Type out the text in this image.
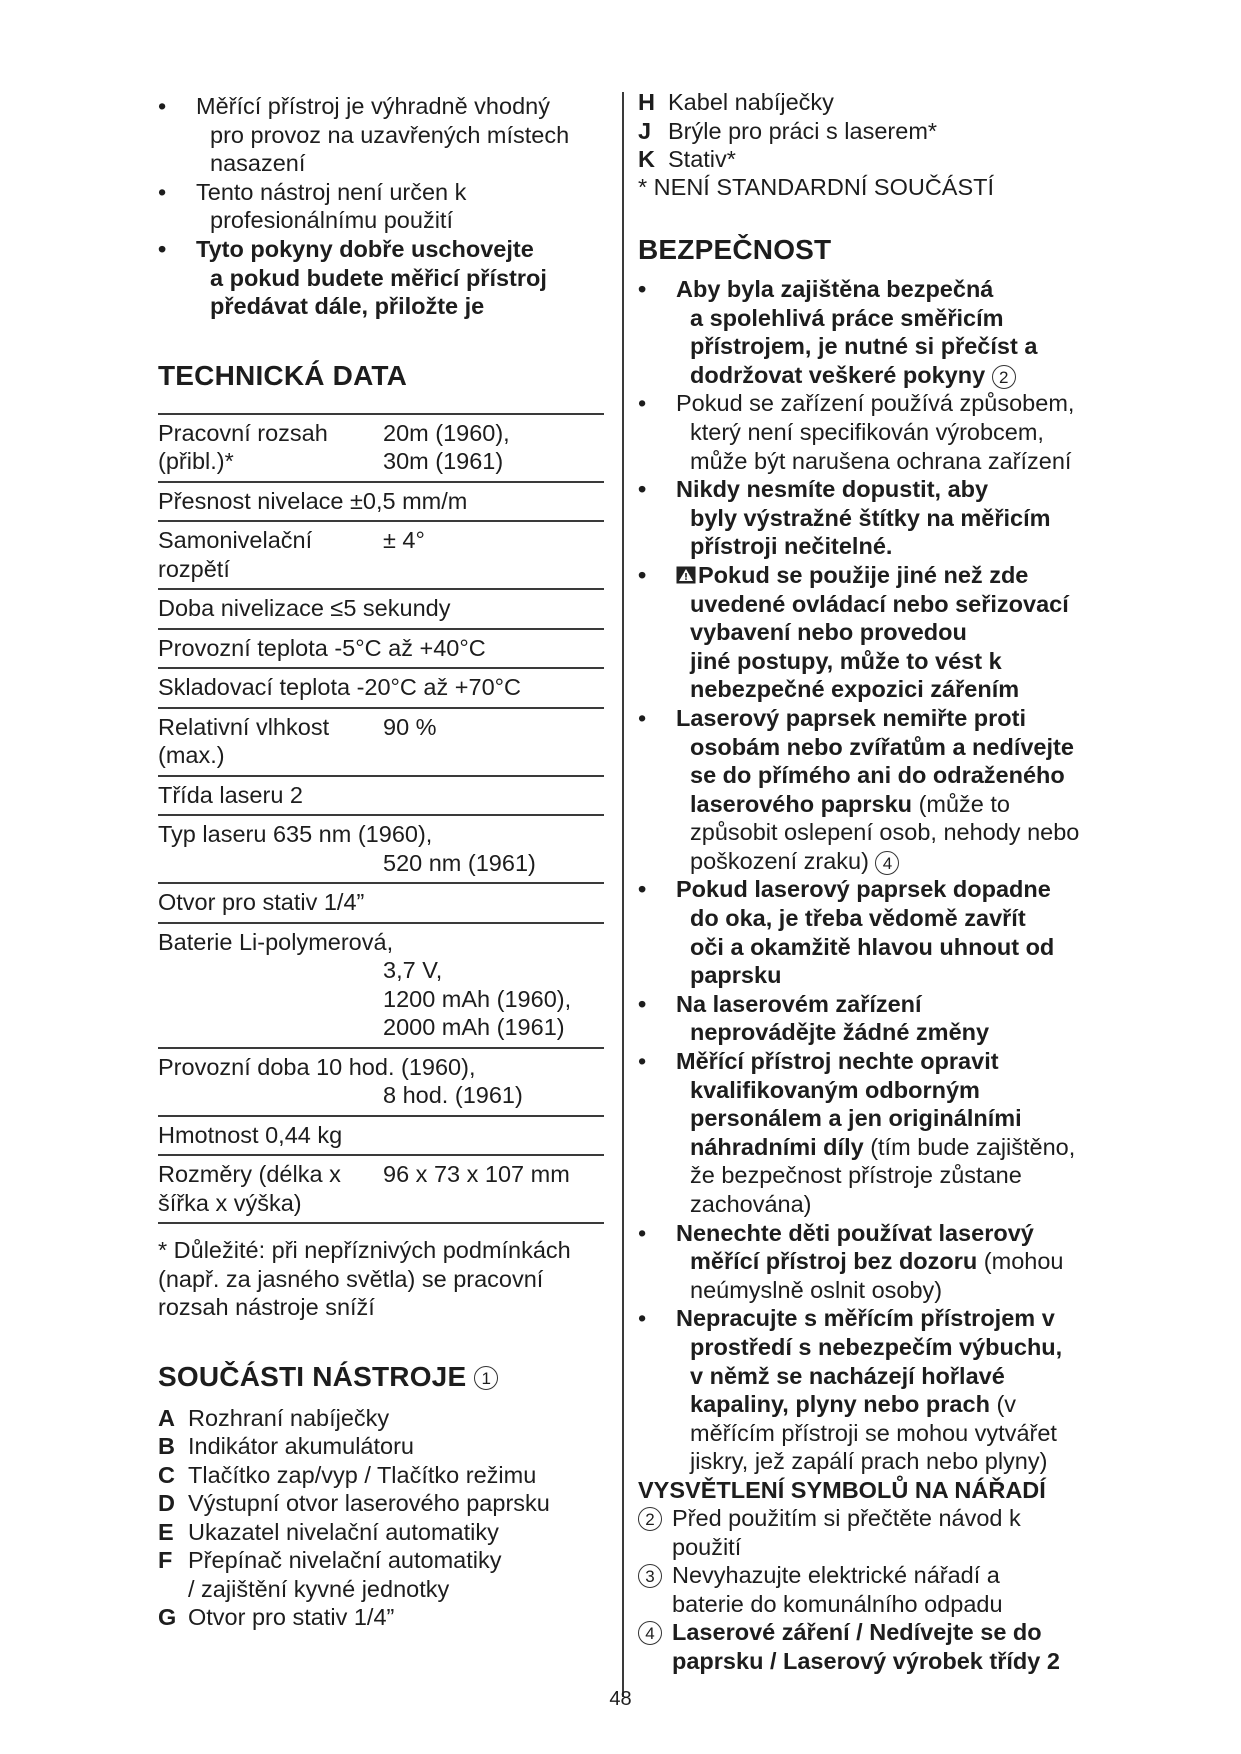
• Měřící přístroj je výhradně vhodný
pro provoz na uzavřených místech
nasazení
• Tento nástroj není určen k
profesionálnímu použití
• Tyto pokyny dobře uschovejte
a pokud budete měřicí přístroj
předávat dále, přiložte je
TECHNICKÁ DATA
Pracovní rozsah
(přibl.)*	20m (1960),
30m (1961)
Přesnost nivelace ±0,5 mm/m	
Samonivelační
rozpětí	± 4°
Doba nivelizace ≤5 sekundy	
Provozní teplota -5°C až +40°C	
Skladovací teplota -20°C až +70°C	
Relativní vlhkost
(max.)	90 %
Třída laseru 2	
Typ laseru 635 nm (1960),
520 nm (1961)	

Otvor pro stativ 1/4”	
Baterie Li-polymerová,
3,7 V,
1200 mAh (1960),
2000 mAh (1961)	

Provozní doba 10 hod. (1960),
8 hod. (1961)	

Hmotnost 0,44 kg	
Rozměry (délka x
šířka x výška)	96 x 73 x 107 mm
* Důležité: při nepříznivých podmínkách (např. za jasného světla) se pracovní rozsah nástroje sníží
SOUČÁSTI NÁSTROJE 1
A Rozhraní nabíječky
B Indikátor akumulátoru
C Tlačítko zap/vyp / Tlačítko režimu
D Výstupní otvor laserového paprsku
E Ukazatel nivelační automatiky
F Přepínač nivelační automatiky
/ zajištění kyvné jednotky
G Otvor pro stativ 1/4”
H Kabel nabíječky
J Brýle pro práci s laserem*
K Stativ*
* NENÍ STANDARDNÍ SOUČÁSTÍ
BEZPEČNOST
• Aby byla zajištěna bezpečná
a spolehlivá práce směřicím
přístrojem, je nutné si přečíst a
dodržovat veškeré pokyny 2
• Pokud se zařízení používá způsobem,
který není specifikován výrobcem,
může být narušena ochrana zařízení
• Nikdy nesmíte dopustit, aby
byly výstražné štítky na měřicím
přístroji nečitelné.
• Pokud se použije jiné než zde
uvedené ovládací nebo seřizovací
vybavení nebo provedou
jiné postupy, může to vést k
nebezpečné expozici zářením
• Laserový paprsek nemiřte proti
osobám nebo zvířatům a nedívejte
se do přímého ani do odraženého
laserového paprsku (může to
způsobit oslepení osob, nehody nebo
poškození zraku) 4
• Pokud laserový paprsek dopadne
do oka, je třeba vědomě zavřít
oči a okamžitě hlavou uhnout od
paprsku
• Na laserovém zařízení
neprovádějte žádné změny
• Měřící přístroj nechte opravit
kvalifikovaným odborným
personálem a jen originálními
náhradními díly (tím bude zajištěno,
že bezpečnost přístroje zůstane
zachována)
• Nenechte děti používat laserový
měřící přístroj bez dozoru (mohou
neúmyslně oslnit osoby)
• Nepracujte s měřícím přístrojem v
prostředí s nebezpečím výbuchu,
v němž se nacházejí hořlavé
kapaliny, plyny nebo prach (v
měřícím přístroji se mohou vytvářet
jiskry, jež zapálí prach nebo plyny)
VYSVĚTLENÍ SYMBOLŮ NA NÁŘADÍ
2 Před použitím si přečtěte návod k
použití
3 Nevyhazujte elektrické nářadí a
baterie do komunálního odpadu
4 Laserové záření / Nedívejte se do
paprsku / Laserový výrobek třídy 2
48
